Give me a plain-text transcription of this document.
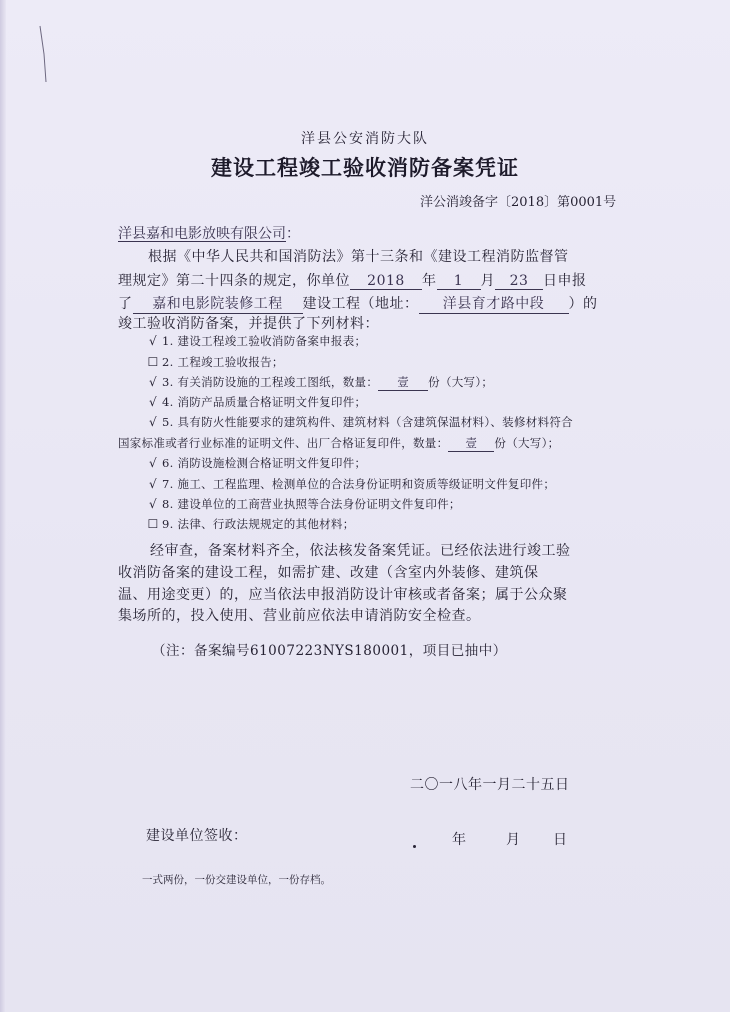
洋县公安消防大队
建设工程竣工验收消防备案凭证
洋公消竣备字〔2018〕第0001号
洋县嘉和电影放映有限公司：
根据《中华人民共和国消防法》第十三条和《建设工程消防监督管
理规定》第二十四条的规定，你单位 2018 年 1 月 23 日申报
了 嘉和电影院装修工程 建设工程（地址： 洋县育才路中段 ）的
竣工验收消防备案，并提供了下列材料：
√ 1. 建设工程竣工验收消防备案申报表；
☐ 2. 工程竣工验收报告；
√ 3. 有关消防设施的工程竣工图纸，数量： 壹 份（大写）；
√ 4. 消防产品质量合格证明文件复印件；
√ 5. 具有防火性能要求的建筑构件、建筑材料（含建筑保温材料）、装修材料符合
国家标准或者行业标准的证明文件、出厂合格证复印件，数量： 壹 份（大写）；
√ 6. 消防设施检测合格证明文件复印件；
√ 7. 施工、工程监理、检测单位的合法身份证明和资质等级证明文件复印件；
√ 8. 建设单位的工商营业执照等合法身份证明文件复印件；
☐ 9. 法律、行政法规规定的其他材料；
经审查，备案材料齐全，依法核发备案凭证。已经依法进行竣工验
收消防备案的建设工程，如需扩建、改建（含室内外装修、建筑保
温、用途变更）的，应当依法申报消防设计审核或者备案；属于公众聚
集场所的，投入使用、营业前应依法申请消防安全检查。
（注：备案编号61007223NYS180001，项目已抽中）
二〇一八年一月二十五日
建设单位签收：	年	月 日
一式两份，一份交建设单位，一份存档。
